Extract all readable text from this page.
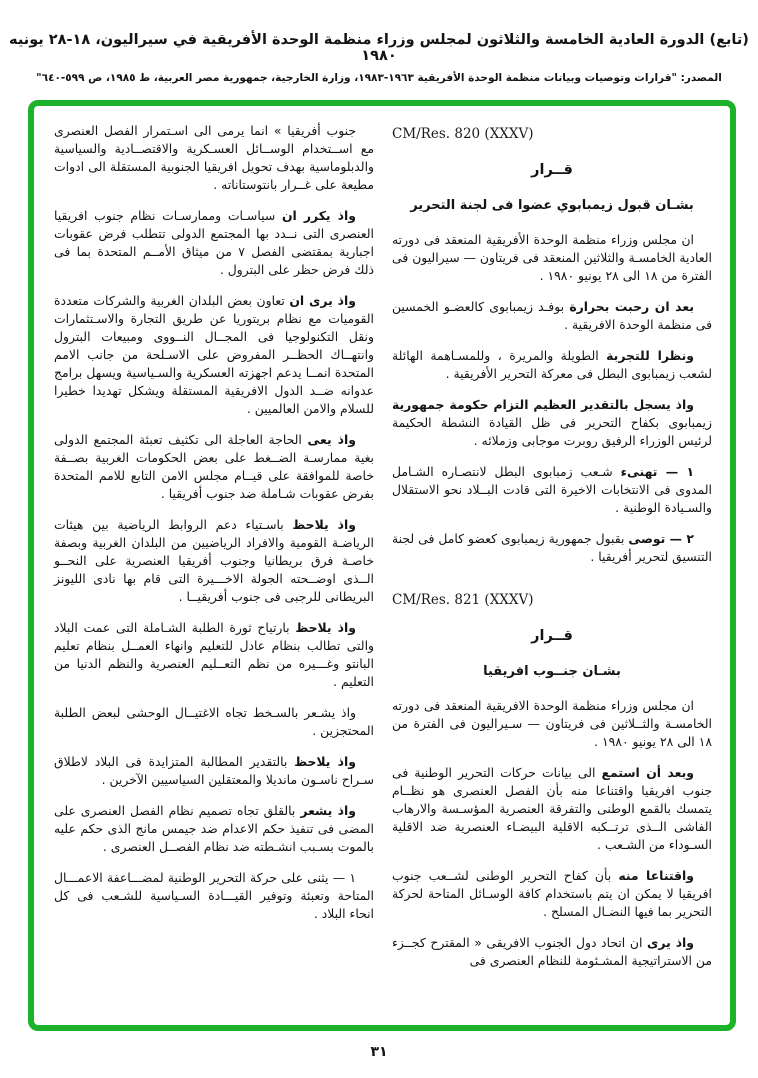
(تابع) الدورة العادية الخامسة والثلاثون لمجلس وزراء منظمة الوحدة الأفريقية في سيراليون، ١٨-٢٨ يونيه ١٩٨٠
المصدر: "قرارات وتوصيات وبيانات منظمة الوحدة الأفريقية ١٩٦٣-١٩٨٣، وزارة الخارجية، جمهورية مصر العربية، ط ١٩٨٥، ص ٥٩٩-٦٤٠"
CM/Res. 820 (XXXV)
قــرار
بشـان قبول زيمبابوي عضوا فى لجنة التحرير

ان مجلس وزراء منظمة الوحدة الأفريقية المنعقد فى دورته العادية الخامسـة والثلاثين المنعقد فى فريتاون — سيراليون فى الفترة من ١٨ الى ٢٨ يونيو ١٩٨٠ .

بعد ان رحبت بحرارة بوفـد زيمبابوى كالعضـو الخمسين فى منظمة الوحدة الافريقية .

ونظرا للتجربة الطويلة والمريرة ، وللمسـاهمة الهائلة لشعب زيمبابوى البطل فى معركة التحرير الأفريقية .

واذ يسجل بالتقدير العظيم التزام حكومة جمهورية زيمبابوى بكفاح التحرير فى ظل القيادة النشطة الحكيمة لرئيس الوزراء الرفيق روبرت موجابى وزملائه .

١ — تهنىء شـعب زمبابوى البطل لانتصـاره الشـامل المدوى فى الانتخابات الاخيرة التى قادت البــلاد نحو الاستقلال والسـيادة الوطنية .

٢ — توصى بقبول جمهورية زيمبابوى كعضو كامل فى لجنة التنسيق لتحرير أفريقيا .

CM/Res. 821 (XXXV)
قــرار
بشـان جنــوب افريقيا

ان مجلس وزراء منظمة الوحدة الافريقية المنعقد فى دورته الخامسـة والثــلاثين فى فريتاون — سـيراليون فى الفترة من ١٨ الى ٢٨ يونيو ١٩٨٠ .

وبعد أن استمع الى بيانات حركات التحرير الوطنية فى جنوب افريقيا واقتناعا منه بأن الفصل العنصرى هو نظــام يتمسك بالقمع الوطنى والتفرقة العنصرية المؤسـسة والارهاب الفاشى الــذى ترتــكبه الاقلية البيضـاء العنصرية ضد الاقلية السـوداء من الشـعب .

واقتناعا منه بأن كفاح التحرير الوطنى لشــعب جنوب افريقيا لا يمكن ان يتم باستخدام كافة الوسـائل المتاحة لحركة التحرير بما فيها النضـال المسلح .

واذ يرى ان اتحاد دول الجنوب الافريقى « المقترح كجــزء من الاستراتيجية المشـئومة للنظام العنصرى فى

جنوب أفريقيا » انما يرمى الى اسـتمرار الفصل العنصرى مع اســتخدام الوســائل العسـكرية والاقتصــادية والسياسية والدبلوماسية بهدف تحويل افريقيا الجنوبية المستقلة الى ادوات مطيعة على غــرار بانتوستاناته .

واذ يكرر ان سياسـات وممارسـات نظام جنوب افريقيا العنصرى التى نــدد بها المجتمع الدولى تتطلب فرض عقوبات اجبارية بمقتضى الفصل ٧ من ميثاق الأمــم المتحدة بما فى ذلك فرض حظر على البترول .

واذ يرى ان تعاون بعض البلدان الغربية والشركات متعددة القوميات مع نظام بريتوريا عن طريق التجارة والاسـتثمارات ونقل التكنولوجيا فى المجــال النــووى ومبيعات البترول وانتهــاك الحظــر المفروض على الاسـلحة من جانب الامم المتحدة انمــا يدعم اجهزته العسكرية والسـياسية ويسهل برامج عدوانه ضــد الدول الافريقية المستقلة ويشكل تهديدا خطيرا للسلام والامن العالميين .

واذ يعى الحاجة العاجلة الى تكثيف تعبئة المجتمع الدولى بغية ممارسـة الضــغط على بعض الحكومات الغربية بصــفة خاصة للموافقة على قيــام مجلس الامن التابع للامم المتحدة بفرض عقوبات شـاملة ضد جنوب أفريقيا .

واذ يلاحظ باسـتياء دعم الروابط الرياضية بين هيئات الرياضـة القومية والافراد الرياضيين من البلدان الغربية وبصفة خاصـة فرق بريطانيا وجنوب أفريقيا العنصرية على النحــو الــذى اوضــحته الجولة الاخـــيرة التى قام بها نادى الليونز البريطانى للرجبى فى جنوب أفريقيــا .

واذ يلاحظ بارتياح ثورة الطلبة الشـاملة التى عمت البلاد والتى تطالب بنظام عادل للتعليم وانهاء العمــل بنظام تعليم البانتو وغـــيره من نظم التعــليم العنصرية والنظم الدنيا من التعليم .

واذ يشـعر بالسـخط تجاه الاغتيــال الوحشى لبعض الطلبة المحتجزين .

واذ يلاحظ بالتقدير المطالبة المتزايدة فى البلاد لاطلاق سـراح ناسـون مانديلا والمعتقلين السياسيين الآخرين .

واذ يشعر بالقلق تجاه تصميم نظام الفصل العنصرى على المضى فى تنفيذ حكم الاعدام ضد جيمس مانج الذى حكم عليه بالموت بسـبب انشـطته ضد نظام الفصــل العنصرى .

١ — يثنى على حركة التحرير الوطنية لمضـــاعفة الاعمـــال المتاحة وتعبئة وتوفير القيـــادة السـياسية للشـعب فى كل انحاء البلاد .

٣١
